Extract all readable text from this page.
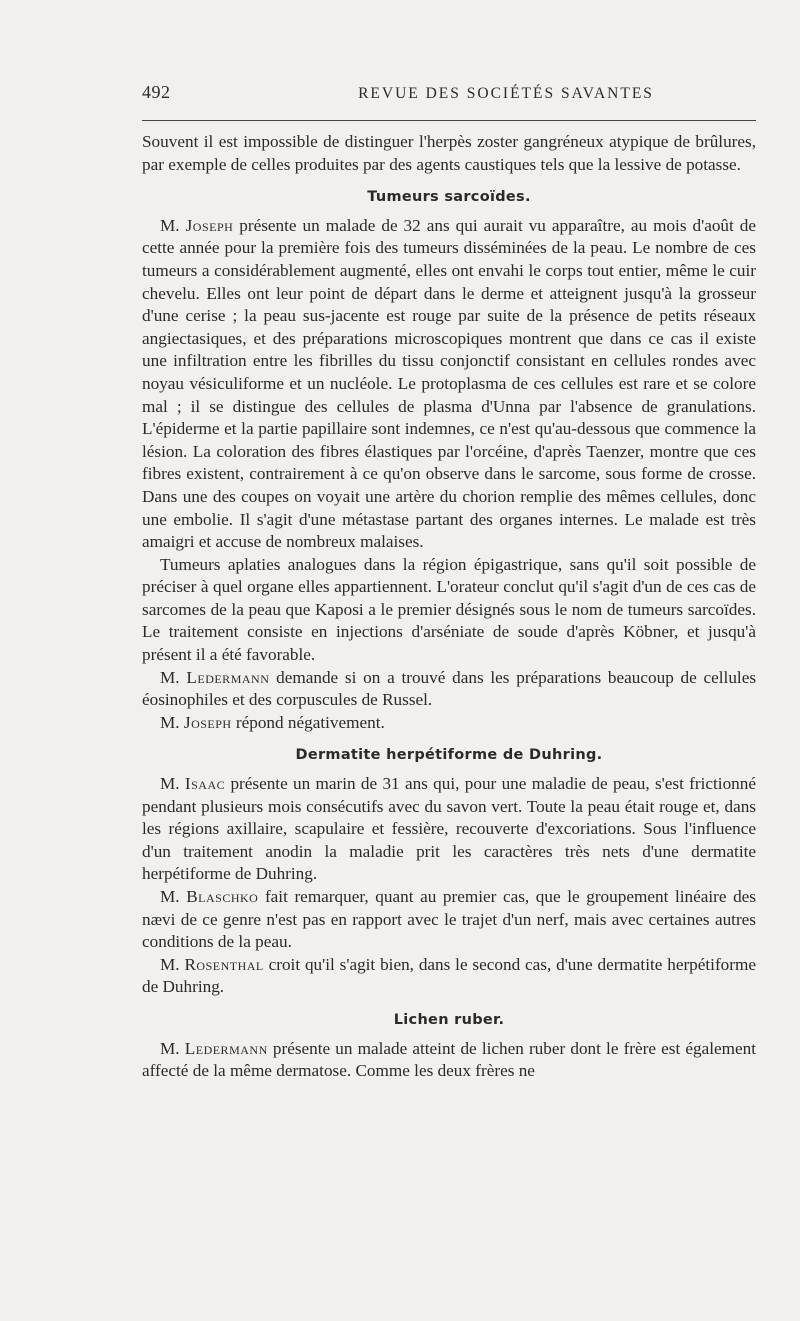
492	REVUE DES SOCIÉTÉS SAVANTES

Souvent il est impossible de distinguer l'herpès zoster gangréneux atypique de brûlures, par exemple de celles produites par des agents caustiques tels que la lessive de potasse.

Tumeurs sarcoïdes.

M. Joseph présente un malade de 32 ans qui aurait vu apparaître, au mois d'août de cette année pour la première fois des tumeurs disséminées de la peau. Le nombre de ces tumeurs a considérablement augmenté, elles ont envahi le corps tout entier, même le cuir chevelu. Elles ont leur point de départ dans le derme et atteignent jusqu'à la grosseur d'une cerise ; la peau sus-jacente est rouge par suite de la présence de petits réseaux angiectasiques, et des préparations microscopiques montrent que dans ce cas il existe une infiltration entre les fibrilles du tissu conjonctif consistant en cellules rondes avec noyau vésiculiforme et un nucléole. Le protoplasma de ces cellules est rare et se colore mal ; il se distingue des cellules de plasma d'Unna par l'absence de granulations. L'épiderme et la partie papillaire sont indemnes, ce n'est qu'au-dessous que commence la lésion. La coloration des fibres élastiques par l'orcéine, d'après Taenzer, montre que ces fibres existent, contrairement à ce qu'on observe dans le sarcome, sous forme de crosse. Dans une des coupes on voyait une artère du chorion remplie des mêmes cellules, donc une embolie. Il s'agit d'une métastase partant des organes internes. Le malade est très amaigri et accuse de nombreux malaises.

Tumeurs aplaties analogues dans la région épigastrique, sans qu'il soit possible de préciser à quel organe elles appartiennent. L'orateur conclut qu'il s'agit d'un de ces cas de sarcomes de la peau que Kaposi a le premier désignés sous le nom de tumeurs sarcoïdes. Le traitement consiste en injections d'arséniate de soude d'après Köbner, et jusqu'à présent il a été favorable.

M. Ledermann demande si on a trouvé dans les préparations beaucoup de cellules éosinophiles et des corpuscules de Russel.

M. Joseph répond négativement.

Dermatite herpétiforme de Duhring.

M. Isaac présente un marin de 31 ans qui, pour une maladie de peau, s'est frictionné pendant plusieurs mois consécutifs avec du savon vert. Toute la peau était rouge et, dans les régions axillaire, scapulaire et fessière, recouverte d'excoriations. Sous l'influence d'un traitement anodin la maladie prit les caractères très nets d'une dermatite herpétiforme de Duhring.

M. Blaschko fait remarquer, quant au premier cas, que le groupement linéaire des nævi de ce genre n'est pas en rapport avec le trajet d'un nerf, mais avec certaines autres conditions de la peau.

M. Rosenthal croit qu'il s'agit bien, dans le second cas, d'une dermatite herpétiforme de Duhring.

Lichen ruber.

M. Ledermann présente un malade atteint de lichen ruber dont le frère est également affecté de la même dermatose. Comme les deux frères ne
